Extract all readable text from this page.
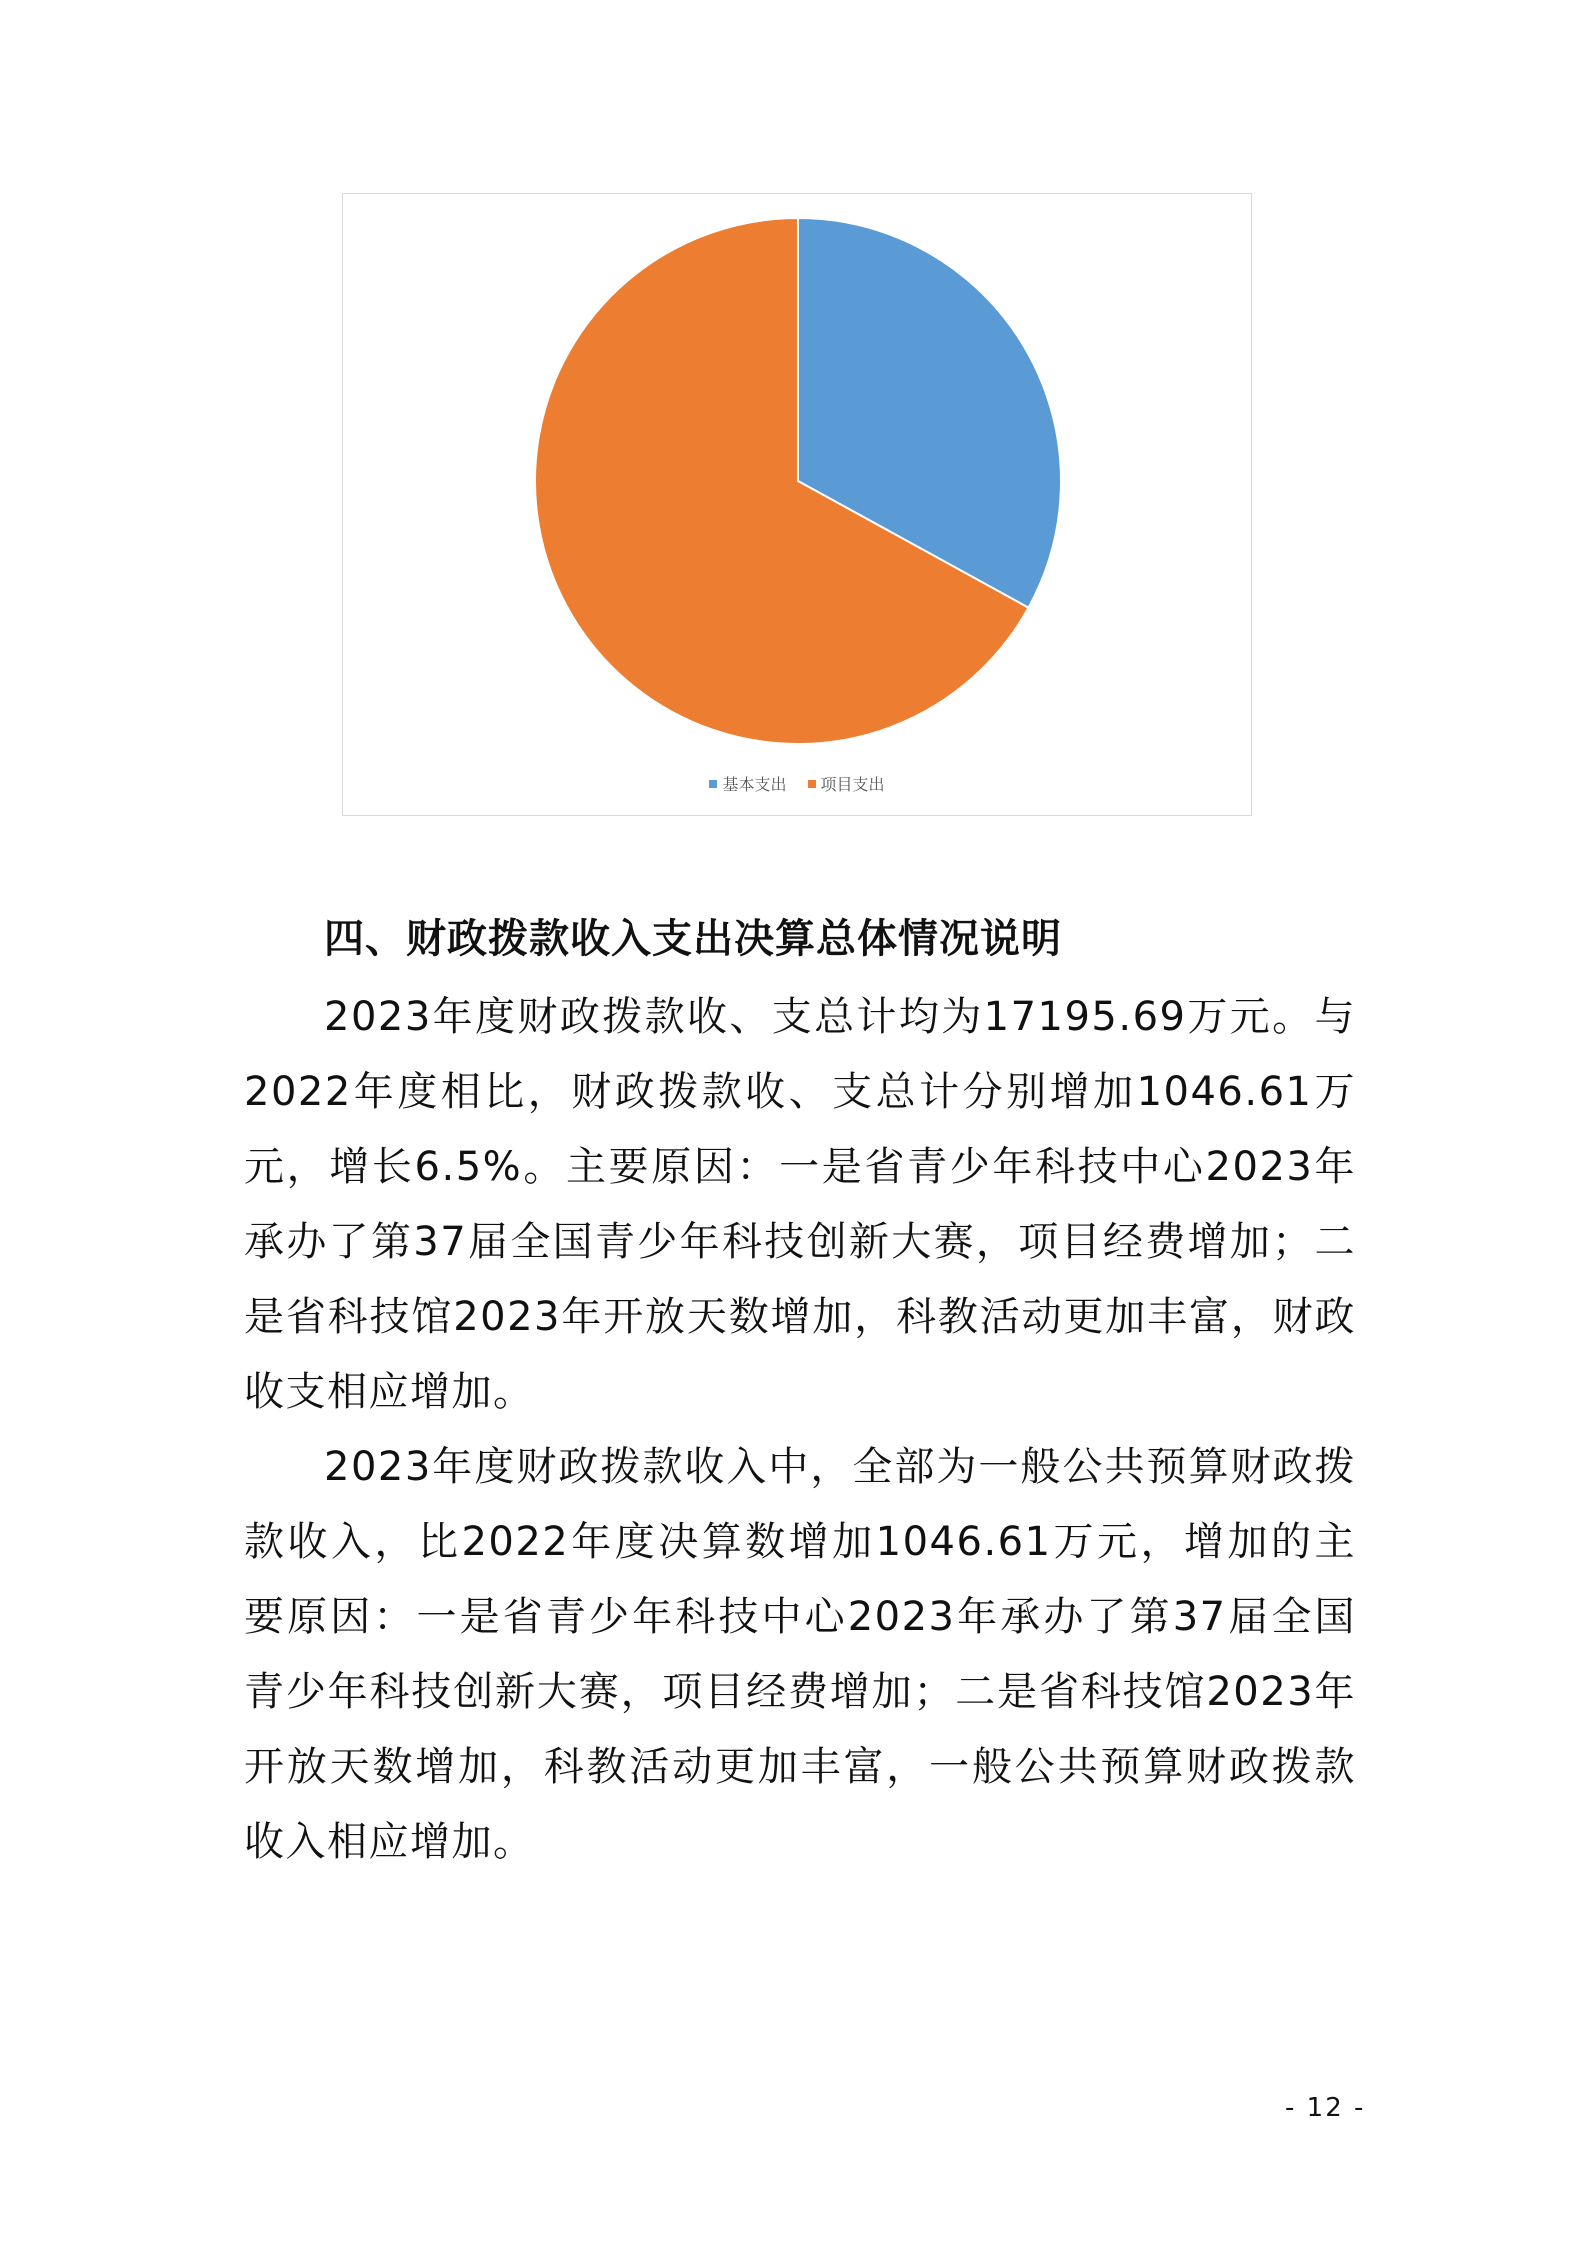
基本支出 项目支出
四、财政拨款收入支出决算总体情况说明

2023年度财政拨款收、支总计均为17195.69万元。与2022年度相比，财政拨款收、支总计分别增加1046.61万元，增长6.5%。主要原因：一是省青少年科技中心2023年承办了第37届全国青少年科技创新大赛，项目经费增加；二是省科技馆2023年开放天数增加，科教活动更加丰富，财政收支相应增加。

2023年度财政拨款收入中，全部为一般公共预算财政拨款收入，比2022年度决算数增加1046.61万元，增加的主要原因：一是省青少年科技中心2023年承办了第37届全国青少年科技创新大赛，项目经费增加；二是省科技馆2023年开放天数增加，科教活动更加丰富，一般公共预算财政拨款收入相应增加。

- 12 -
